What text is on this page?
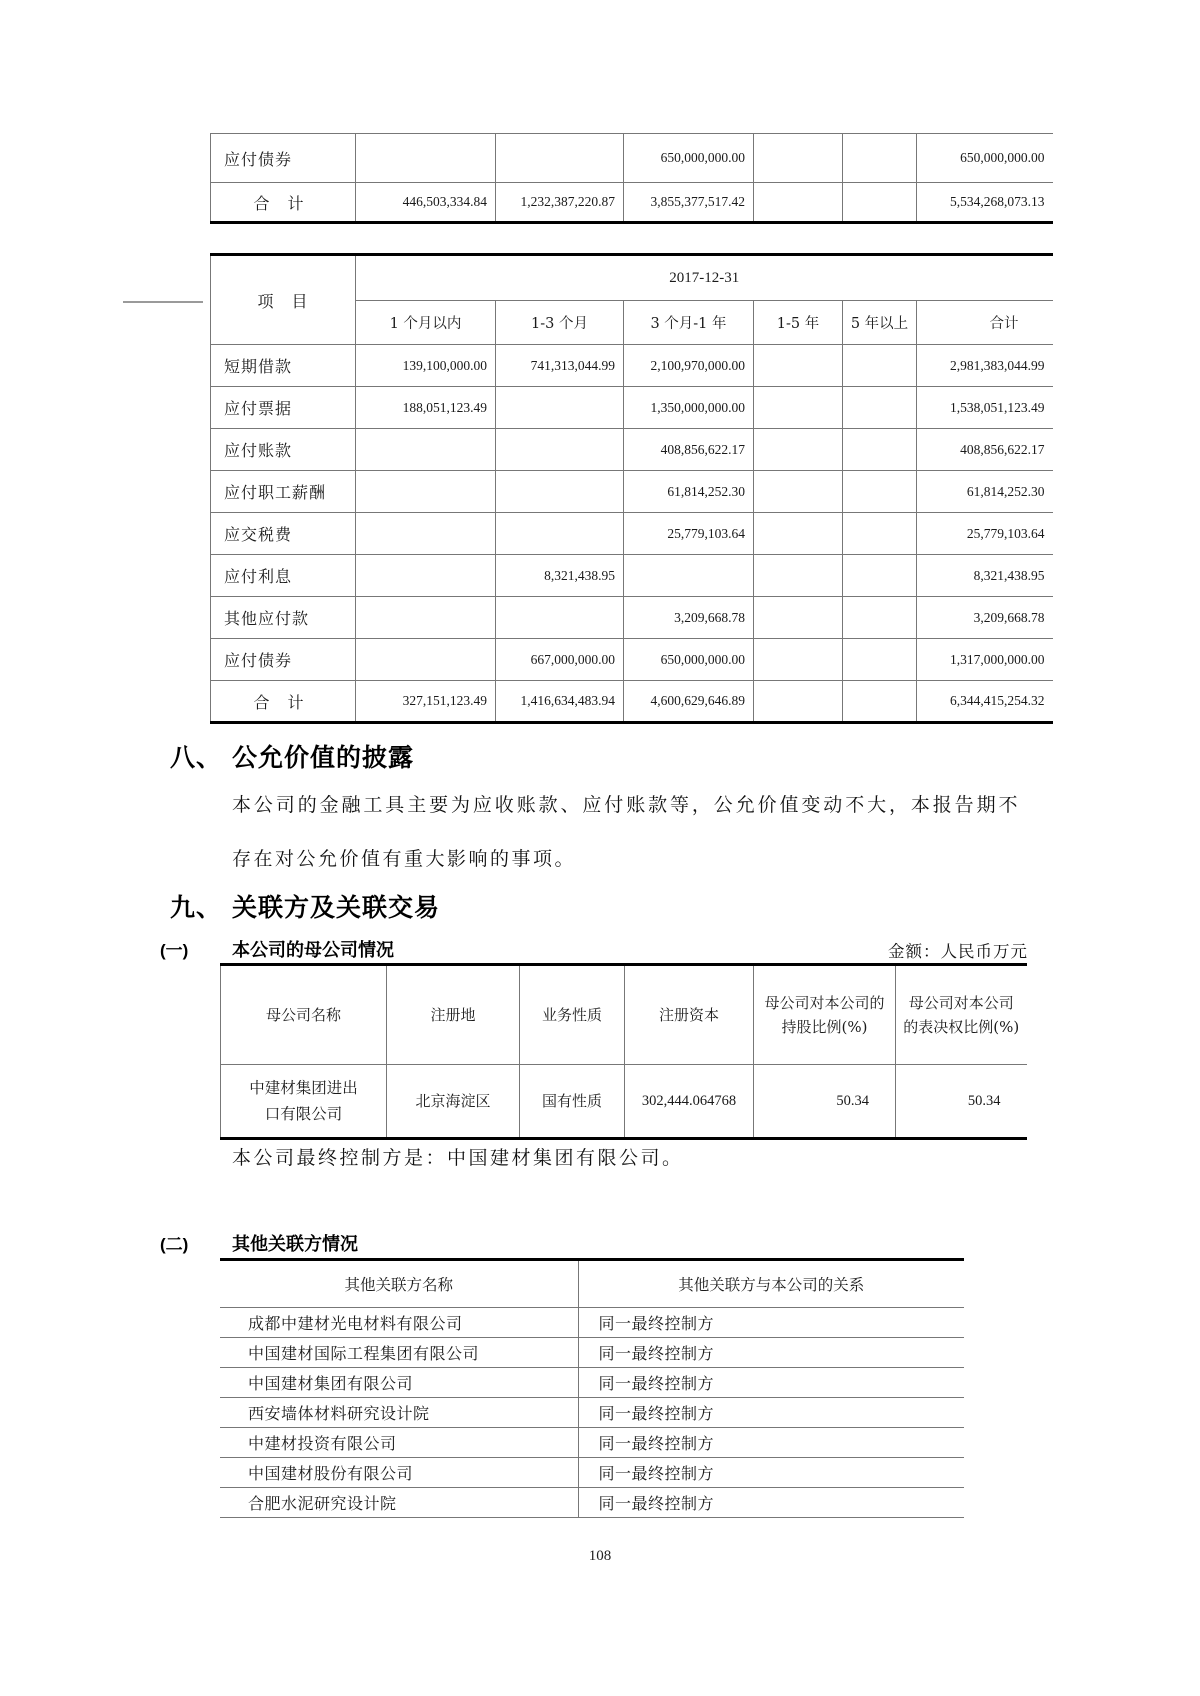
应付债券			650,000,000.00			650,000,000.00
合　计	446,503,334.84	1,232,387,220.87	3,855,377,517.42			5,534,268,073.13
项　目	2017-12-31					
	1 个月以内	1-3 个月	3 个月-1 年	1-5 年	5 年以上	合计
短期借款	139,100,000.00	741,313,044.99	2,100,970,000.00			2,981,383,044.99
应付票据	188,051,123.49		1,350,000,000.00			1,538,051,123.49
应付账款			408,856,622.17			408,856,622.17
应付职工薪酬			61,814,252.30			61,814,252.30
应交税费			25,779,103.64			25,779,103.64
应付利息		8,321,438.95				8,321,438.95
其他应付款			3,209,668.78			3,209,668.78
应付债券		667,000,000.00	650,000,000.00			1,317,000,000.00
合　计	327,151,123.49	1,416,634,483.94	4,600,629,646.89			6,344,415,254.32
八、 公允价值的披露
本公司的金融工具主要为应收账款、应付账款等，公允价值变动不大，本报告期不存在对公允价值有重大影响的事项。
九、 关联方及关联交易
(一)	本公司的母公司情况	金额：人民币万元
母公司名称	注册地	业务性质	注册资本	母公司对本公司的持股比例(%)	母公司对本公司的表决权比例(%)
中建材集团进出口有限公司	北京海淀区	国有性质	302,444.064768	50.34	50.34
本公司最终控制方是：中国建材集团有限公司。
(二)	其他关联方情况
其他关联方名称	其他关联方与本公司的关系
成都中建材光电材料有限公司	同一最终控制方
中国建材国际工程集团有限公司	同一最终控制方
中国建材集团有限公司	同一最终控制方
西安墙体材料研究设计院	同一最终控制方
中建材投资有限公司	同一最终控制方
中国建材股份有限公司	同一最终控制方
合肥水泥研究设计院	同一最终控制方
108
